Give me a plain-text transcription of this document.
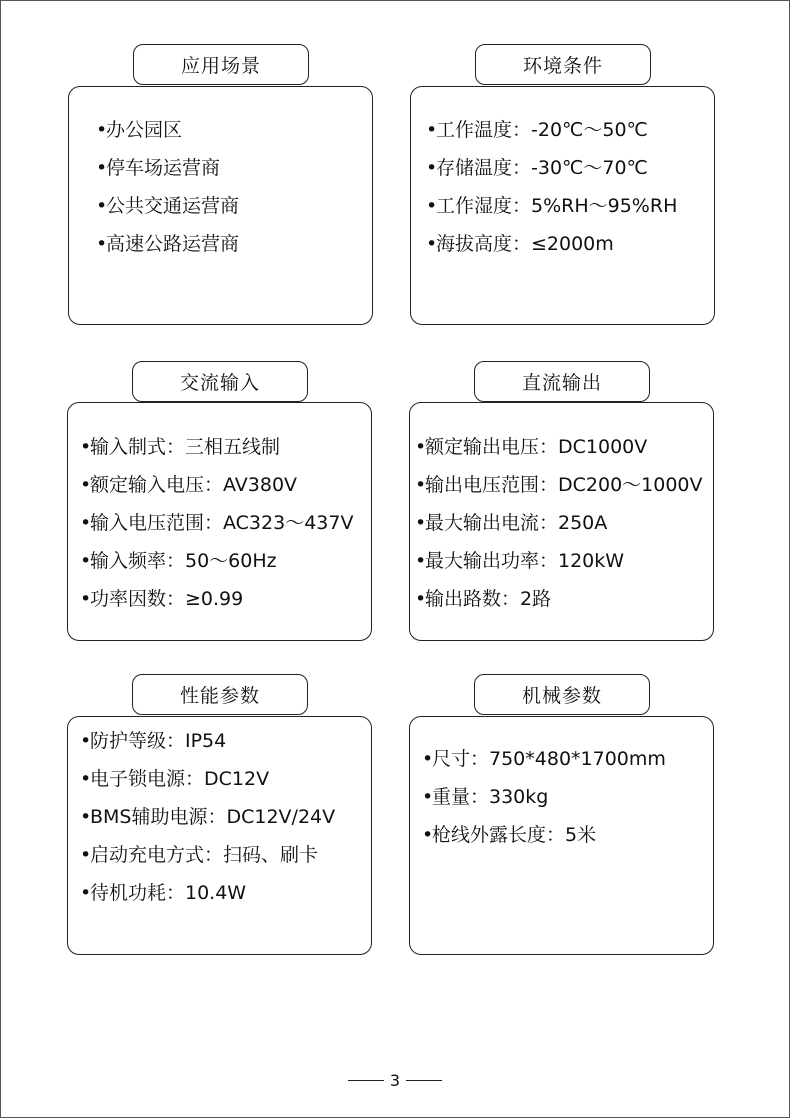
应用场景
•办公园区
•停车场运营商
•公共交通运营商
•高速公路运营商
环境条件
•工作温度：-20℃～50℃
•存储温度：-30℃～70℃
•工作湿度：5%RH～95%RH
•海拔高度：≤2000m
交流输入
•输入制式：三相五线制
•额定输入电压：AV380V
•输入电压范围：AC323～437V
•输入频率：50～60Hz
•功率因数：≥0.99
直流输出
•额定输出电压：DC1000V
•输出电压范围：DC200～1000V
•最大输出电流：250A
•最大输出功率：120kW
•输出路数：2路
性能参数
•防护等级：IP54
•电子锁电源：DC12V
•BMS辅助电源：DC12V/24V
•启动充电方式：扫码、刷卡
•待机功耗：10.4W
机械参数
•尺寸：750*480*1700mm
•重量：330kg
•枪线外露长度：5米
3
